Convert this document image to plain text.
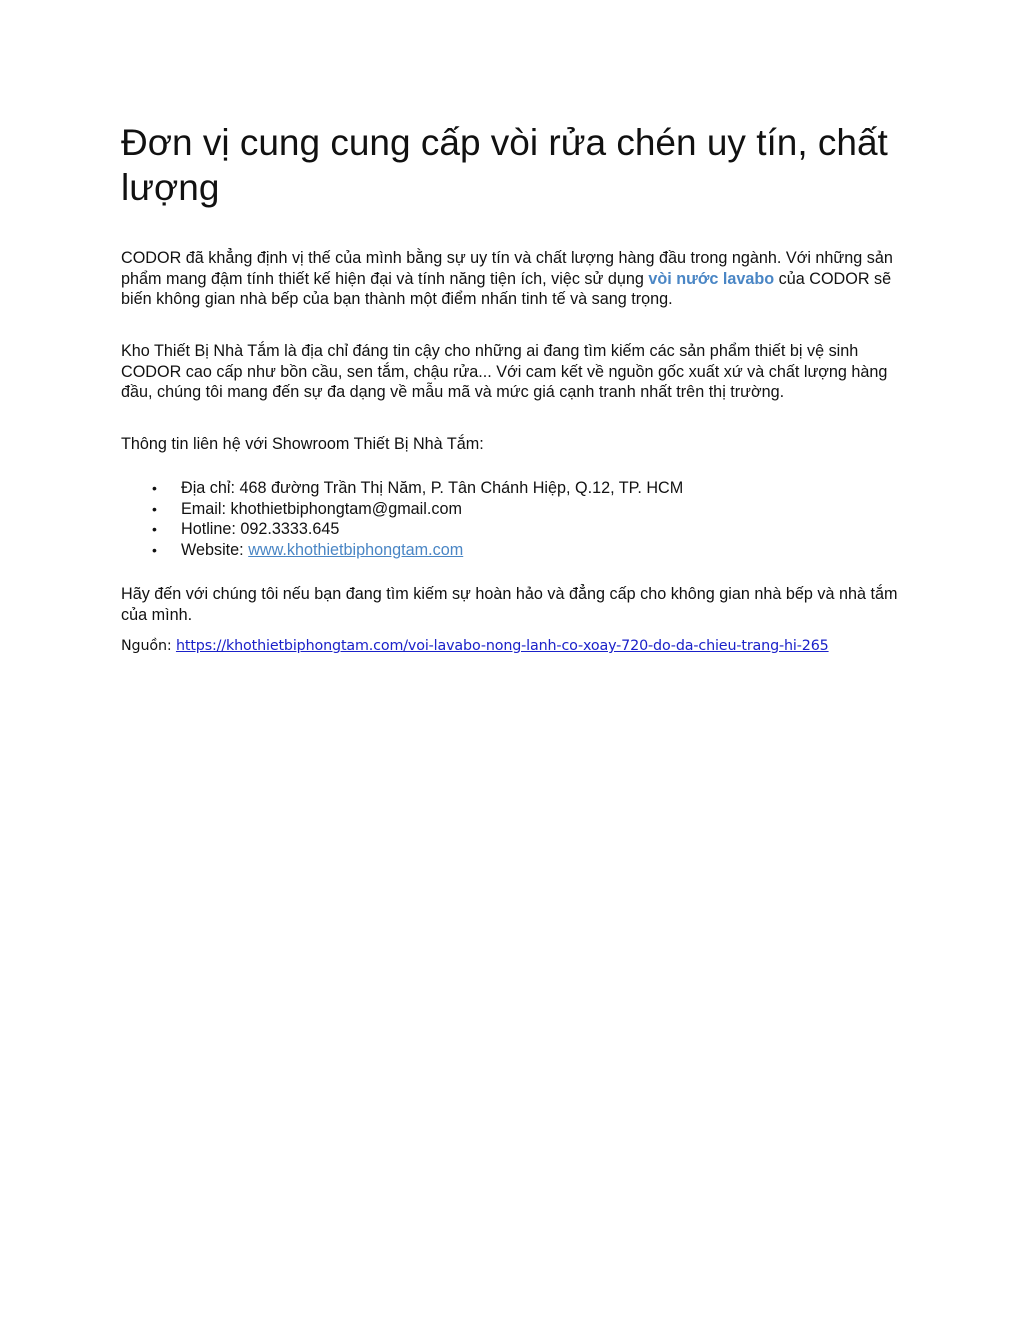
Đơn vị cung cung cấp vòi rửa chén uy tín, chất lượng

CODOR đã khẳng định vị thế của mình bằng sự uy tín và chất lượng hàng đầu trong ngành. Với những sản phẩm mang đậm tính thiết kế hiện đại và tính năng tiện ích, việc sử dụng vòi nước lavabo của CODOR sẽ biến không gian nhà bếp của bạn thành một điểm nhấn tinh tế và sang trọng.

Kho Thiết Bị Nhà Tắm là địa chỉ đáng tin cậy cho những ai đang tìm kiếm các sản phẩm thiết bị vệ sinh CODOR cao cấp như bồn cầu, sen tắm, chậu rửa... Với cam kết về nguồn gốc xuất xứ và chất lượng hàng đầu, chúng tôi mang đến sự đa dạng về mẫu mã và mức giá cạnh tranh nhất trên thị trường.

Thông tin liên hệ với Showroom Thiết Bị Nhà Tắm:

• Địa chỉ: 468 đường Trần Thị Năm, P. Tân Chánh Hiệp, Q.12, TP. HCM
• Email: khothietbiphongtam@gmail.com
• Hotline: 092.3333.645
• Website: www.khothietbiphongtam.com

Hãy đến với chúng tôi nếu bạn đang tìm kiếm sự hoàn hảo và đẳng cấp cho không gian nhà bếp và nhà tắm của mình.

Nguồn: https://khothietbiphongtam.com/voi-lavabo-nong-lanh-co-xoay-720-do-da-chieu-trang-hi-265
